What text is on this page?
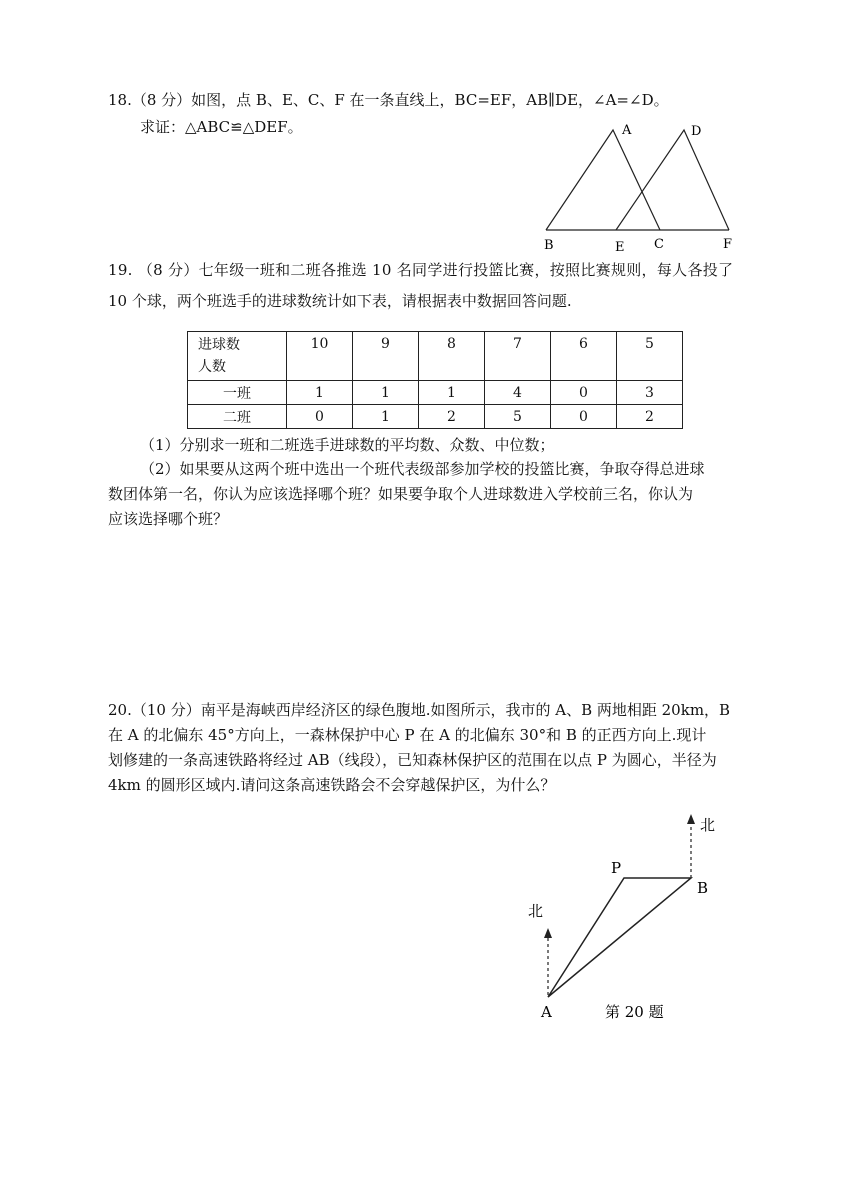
18.（8 分）如图，点 B、E、C、F 在一条直线上，BC=EF，AB∥DE，∠A=∠D。
求证：△ABC≌△DEF。	A	D
B	E C	F
19. （8 分）七年级一班和二班各推选 10 名同学进行投篮比赛，按照比赛规则，每人各投了
10 个球，两个班选手的进球数统计如下表，请根据表中数据回答问题.
进球数
人数	10	9	8	7	6	5
一班	1	1	1	4	0	3
二班	0	1	2	5	0	2
（1）分别求一班和二班选手进球数的平均数、众数、中位数；
（2）如果要从这两个班中选出一个班代表级部参加学校的投篮比赛，争取夺得总进球
数团体第一名，你认为应该选择哪个班？如果要争取个人进球数进入学校前三名，你认为
应该选择哪个班？
20.（10 分）南平是海峡西岸经济区的绿色腹地.如图所示，我市的 A、B 两地相距 20km，B
在 A 的北偏东 45°方向上，一森林保护中心 P 在 A 的北偏东 30°和 B 的正西方向上.现计
划修建的一条高速铁路将经过 AB（线段），已知森林保护区的范围在以点 P 为圆心，半径为
4km 的圆形区域内.请问这条高速铁路会不会穿越保护区，为什么？
北
北
P
B
A	第 20 题
